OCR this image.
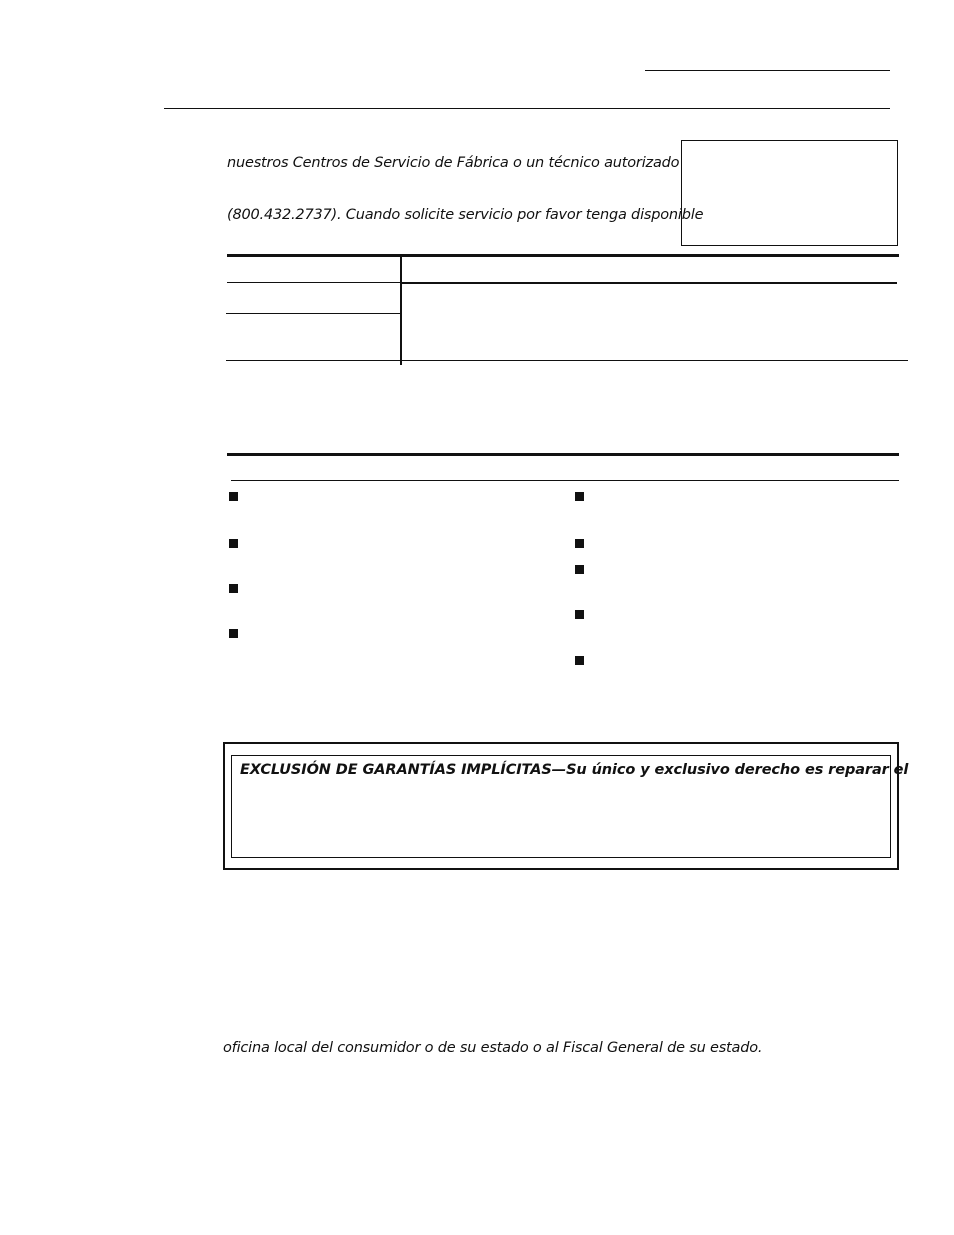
nuestros Centros de Servicio de Fábrica o un técnico autorizado
(800.432.2737). Cuando solicite servicio por favor tenga disponible
EXCLUSIÓN DE GARANTÍAS IMPLÍCITAS—Su único y exclusivo derecho es reparar el
oficina local del consumidor o de su estado o al Fiscal General de su estado.
